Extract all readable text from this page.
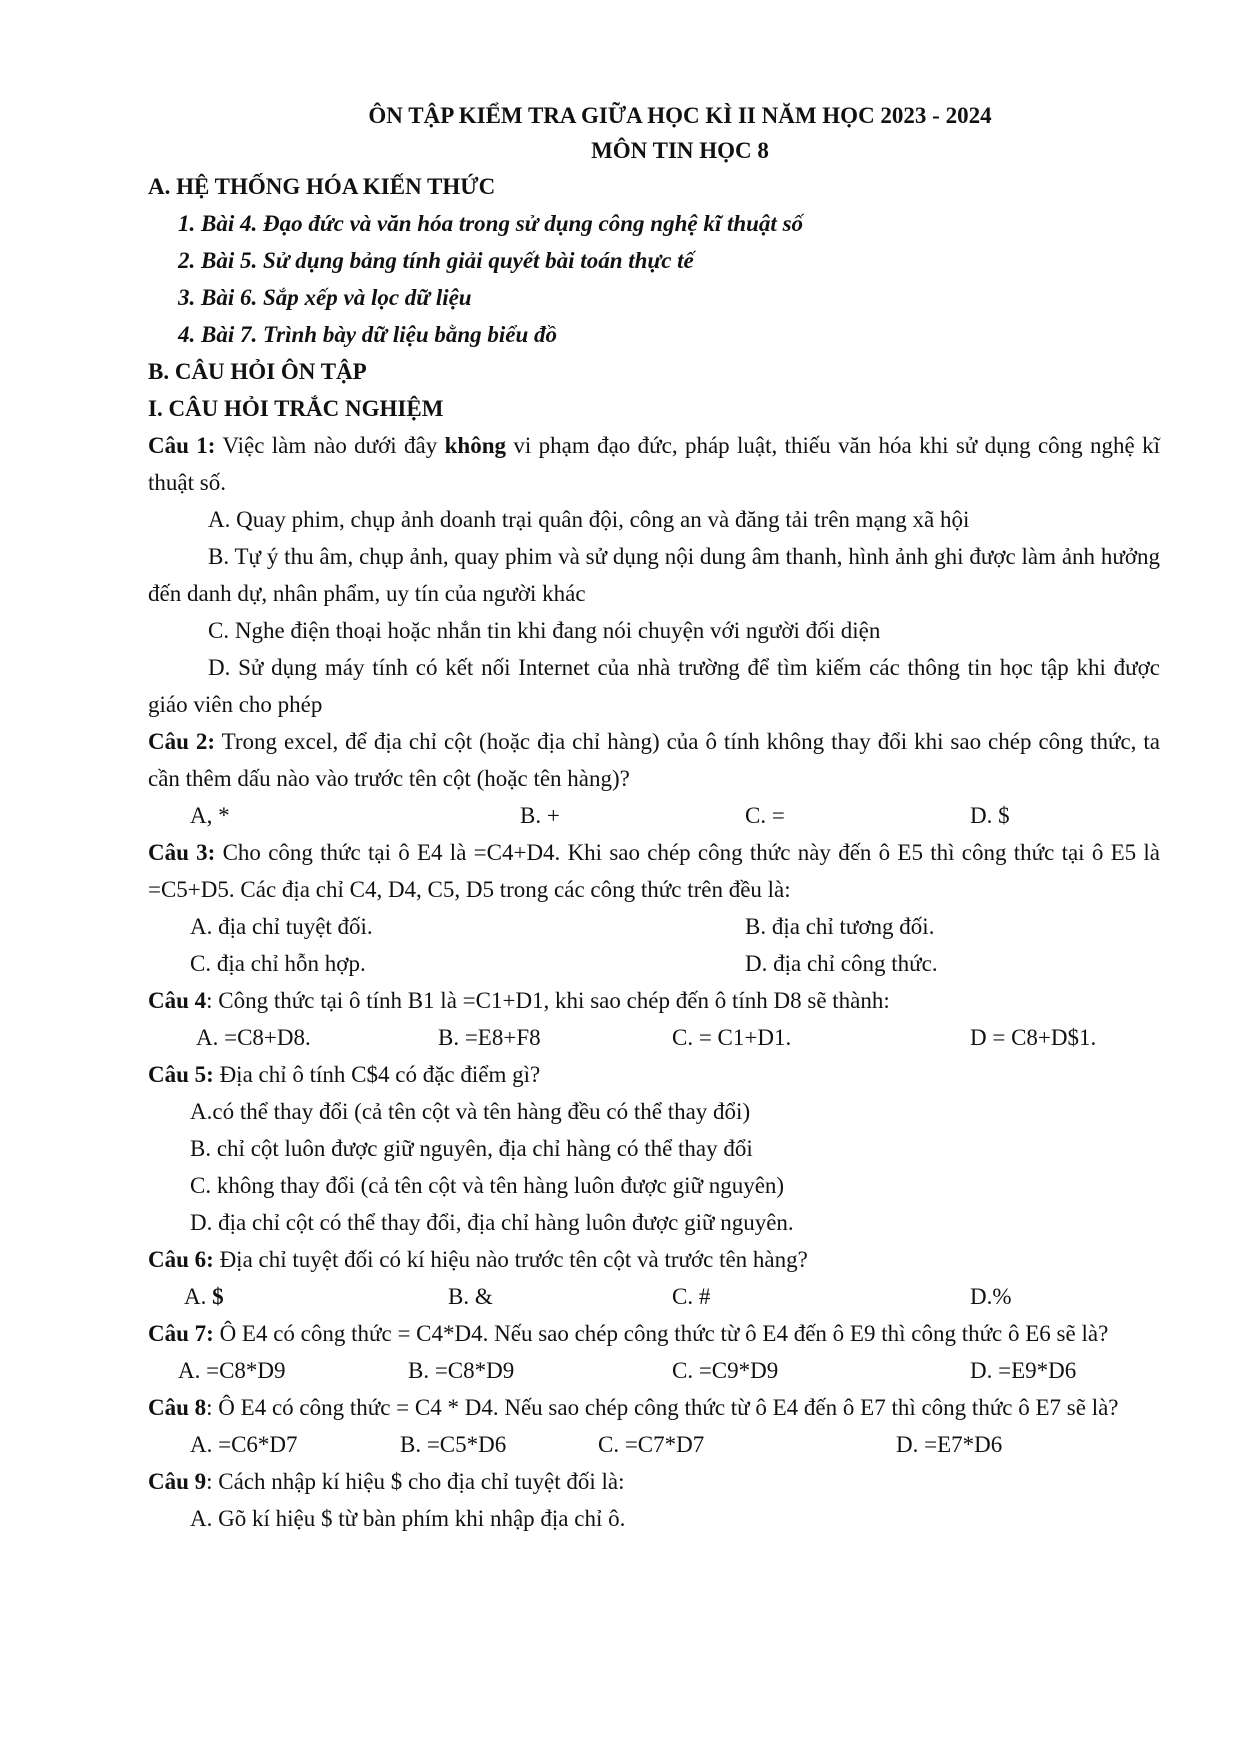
ÔN TẬP KIỂM TRA GIỮA HỌC KÌ II NĂM HỌC 2023 - 2024
MÔN TIN HỌC 8
A. HỆ THỐNG HÓA KIẾN THỨC
1. Bài 4. Đạo đức và văn hóa trong sử dụng công nghệ kĩ thuật số
2. Bài 5. Sử dụng bảng tính giải quyết bài toán thực tế
3. Bài 6. Sắp xếp và lọc dữ liệu
4. Bài 7. Trình bày dữ liệu bằng biểu đồ
B. CÂU HỎI ÔN TẬP
I. CÂU HỎI TRẮC NGHIỆM
Câu 1: Việc làm nào dưới đây không vi phạm đạo đức, pháp luật, thiếu văn hóa khi sử dụng công nghệ kĩ thuật số.
A. Quay phim, chụp ảnh doanh trại quân đội, công an và đăng tải trên mạng xã hội
B. Tự ý thu âm, chụp ảnh, quay phim và sử dụng nội dung âm thanh, hình ảnh ghi được làm ảnh hưởng đến danh dự, nhân phẩm, uy tín của người khác
C. Nghe điện thoại hoặc nhắn tin khi đang nói chuyện với người đối diện
D. Sử dụng máy tính có kết nối Internet của nhà trường để tìm kiếm các thông tin học tập khi được giáo viên cho phép
Câu 2: Trong excel, để địa chỉ cột (hoặc địa chỉ hàng) của ô tính không thay đổi khi sao chép công thức, ta cần thêm dấu nào vào trước tên cột (hoặc tên hàng)?
A, *	B. +	C. =	D. $
Câu 3: Cho công thức tại ô E4 là =C4+D4. Khi sao chép công thức này đến ô E5 thì công thức tại ô E5 là =C5+D5. Các địa chỉ C4, D4, C5, D5 trong các công thức trên đều là:
A. địa chỉ tuyệt đối.	B. địa chỉ tương đối.
C. địa chỉ hỗn hợp.	D. địa chỉ công thức.
Câu 4: Công thức tại ô tính B1 là =C1+D1, khi sao chép đến ô tính D8 sẽ thành:
A. =C8+D8.	B. =E8+F8	C. = C1+D1.	D = C8+D$1.
Câu 5: Địa chỉ ô tính C$4 có đặc điểm gì?
A.có thể thay đổi (cả tên cột và tên hàng đều có thể thay đổi)
B. chỉ cột luôn được giữ nguyên, địa chỉ hàng có thể thay đổi
C. không thay đổi (cả tên cột và tên hàng luôn được giữ nguyên)
D. địa chỉ cột có thể thay đổi, địa chỉ hàng luôn được giữ nguyên.
Câu 6: Địa chỉ tuyệt đối có kí hiệu nào trước tên cột và trước tên hàng?
A. $	B. &	C. #	D.%
Câu 7: Ô E4 có công thức = C4*D4. Nếu sao chép công thức từ ô E4 đến ô E9 thì công thức ô E6 sẽ là?
A. =C8*D9	B. =C8*D9	C. =C9*D9	D. =E9*D6
Câu 8: Ô E4 có công thức = C4 * D4. Nếu sao chép công thức từ ô E4 đến ô E7 thì công thức ô E7 sẽ là?
A. =C6*D7	B. =C5*D6	C. =C7*D7	D. =E7*D6
Câu 9: Cách nhập kí hiệu $ cho địa chỉ tuyệt đối là:
A. Gõ kí hiệu $ từ bàn phím khi nhập địa chỉ ô.
